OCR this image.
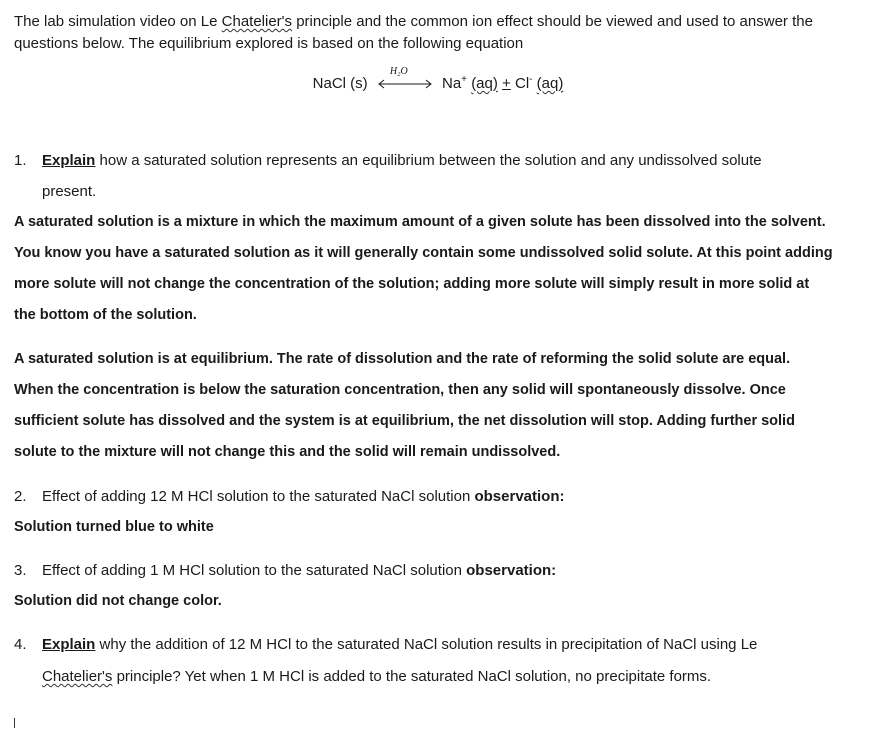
The lab simulation video on Le Chatelier's principle and the common ion effect should be viewed and used to answer the
questions below. The equilibrium explored is based on the following equation
NaCl (s)
H₂O
Na+ (aq) + Cl- (aq)
1. Explain how a saturated solution represents an equilibrium between the solution and any undissolved solute
present.
A saturated solution is a mixture in which the maximum amount of a given solute has been dissolved into the solvent.
You know you have a saturated solution as it will generally contain some undissolved solid solute. At this point adding
more solute will not change the concentration of the solution; adding more solute will simply result in more solid at
the bottom of the solution.
A saturated solution is at equilibrium. The rate of dissolution and the rate of reforming the solid solute are equal.
When the concentration is below the saturation concentration, then any solid will spontaneously dissolve. Once
sufficient solute has dissolved and the system is at equilibrium, the net dissolution will stop. Adding further solid
solute to the mixture will not change this and the solid will remain undissolved.
2. Effect of adding 12 M HCl solution to the saturated NaCl solution observation:
Solution turned blue to white
3. Effect of adding 1 M HCl solution to the saturated NaCl solution observation:
Solution did not change color.
4. Explain why the addition of 12 M HCl to the saturated NaCl solution results in precipitation of NaCl using Le
Chatelier's principle? Yet when 1 M HCl is added to the saturated NaCl solution, no precipitate forms.
